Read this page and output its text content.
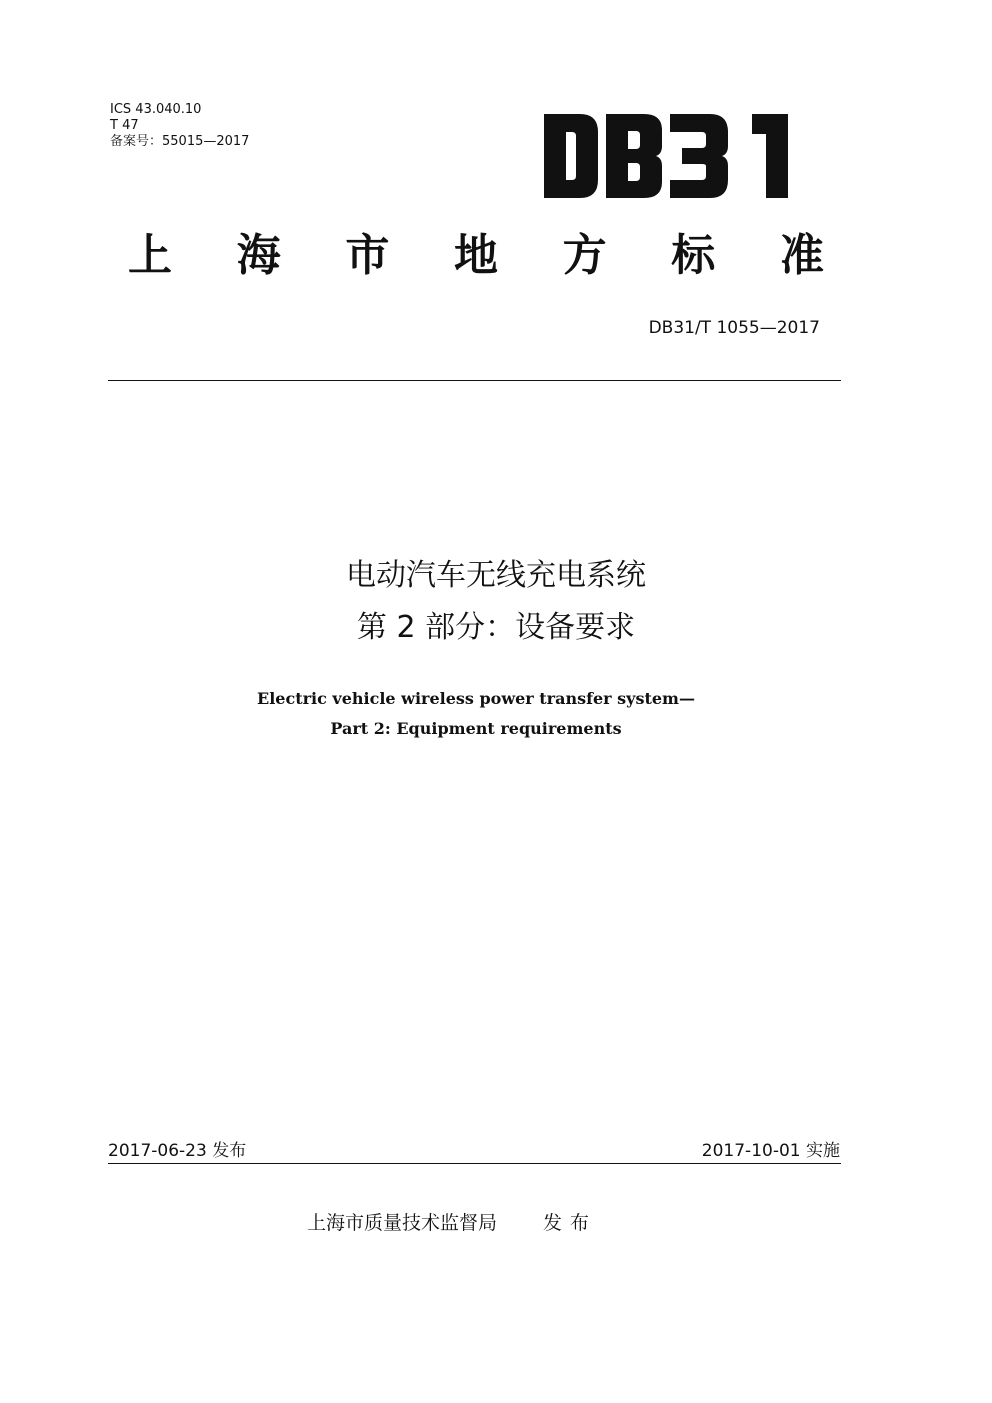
ICS 43.040.10
T 47
备案号：55015—2017
上 海 市 地 方 标 准
DB31/T 1055—2017
电动汽车无线充电系统
第 2 部分：设备要求
Electric vehicle wireless power transfer system—
Part 2: Equipment requirements
2017-06-23 发布	2017-10-01 实施
上海市质量技术监督局 发布
